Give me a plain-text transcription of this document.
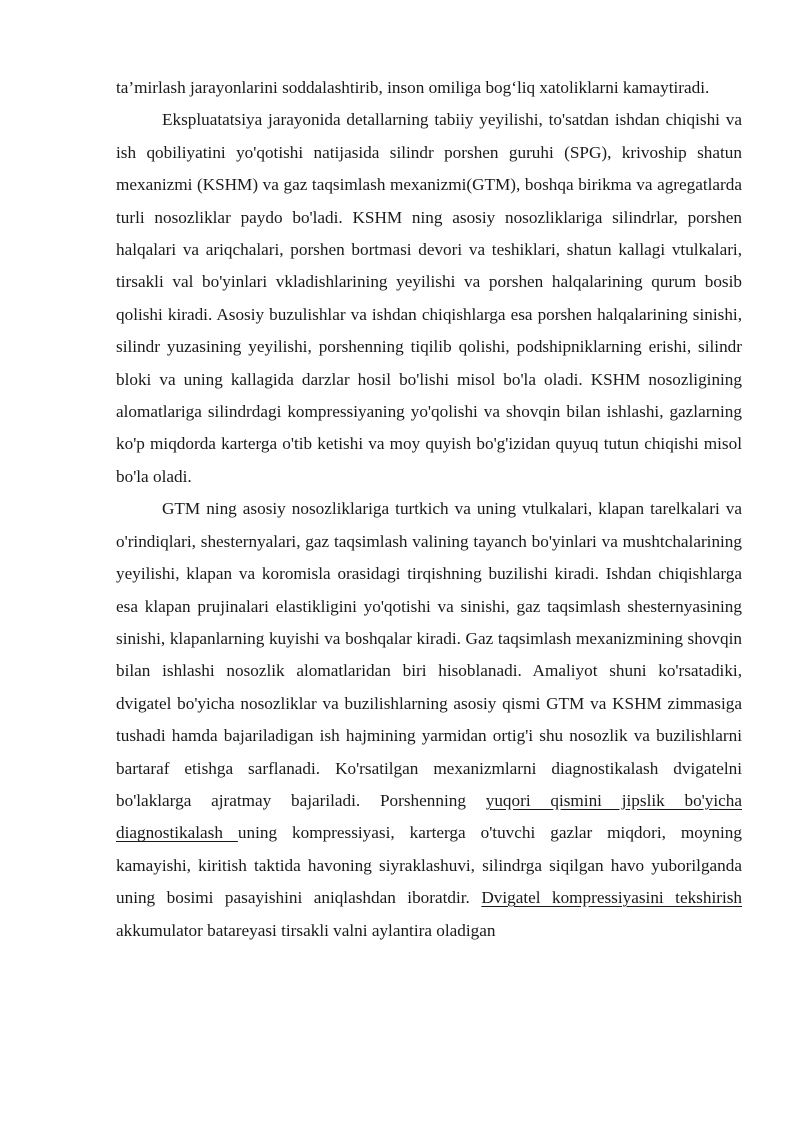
ta’mirlash jarayonlarini soddalashtirib, inson omiliga bog‘liq xatoliklarni kamaytiradi.

Ekspluatatsiya jarayonida detallarning tabiiy yeyilishi, to'satdan ishdan chiqishi va ish qobiliyatini yo'qotishi natijasida silindr porshen guruhi (SPG), krivoship shatun mexanizmi (KSHM) va gaz taqsimlash mexanizmi(GTM), boshqa birikma va agregatlarda turli nosozliklar paydo bo'ladi. KSHM ning asosiy nosozliklariga silindrlar, porshen halqalari va ariqchalari, porshen bortmasi devori va teshiklari, shatun kallagi vtulkalari, tirsakli val bo'yinlari vkladishlarining yeyilishi va porshen halqalarining qurum bosib qolishi kiradi. Asosiy buzulishlar va ishdan chiqishlarga esa porshen halqalarining sinishi, silindr yuzasining yeyilishi, porshenning tiqilib qolishi, podshipniklarning erishi, silindr bloki va uning kallagida darzlar hosil bo'lishi misol bo'la oladi. KSHM nosozligining alomatlariga silindrdagi kompressiyaning yo'qolishi va shovqin bilan ishlashi, gazlarning ko'p miqdorda karterga o'tib ketishi va moy quyish bo'g'izidan quyuq tutun chiqishi misol bo'la oladi.

GTM ning asosiy nosozliklariga turtkich va uning vtulkalari, klapan tarelkalari va o'rindiqlari, shesternyalari, gaz taqsimlash valining tayanch bo'yinlari va mushtchalarining yeyilishi, klapan va koromisla orasidagi tirqishning buzilishi kiradi. Ishdan chiqishlarga esa klapan prujinalari elastikligini yo'qotishi va sinishi, gaz taqsimlash shesternyasining sinishi, klapanlarning kuyishi va boshqalar kiradi. Gaz taqsimlash mexanizmining shovqin bilan ishlashi nosozlik alomatlaridan biri hisoblanadi. Amaliyot shuni ko'rsatadiki, dvigatel bo'yicha nosozliklar va buzilishlarning asosiy qismi GTM va KSHM zimmasiga tushadi hamda bajariladigan ish hajmining yarmidan ortig'i shu nosozlik va buzilishlarni bartaraf etishga sarflanadi. Ko'rsatilgan mexanizmlarni diagnostikalash dvigatelni bo'laklarga ajratmay bajariladi. Porshenning yuqori qismini jipslik bo'yicha diagnostikalash uning kompressiyasi, karterga o'tuvchi gazlar miqdori, moyning kamayishi, kiritish taktida havoning siyraklashuvi, silindrga siqilgan havo yuborilganda uning bosimi pasayishini aniqlashdan iboratdir. Dvigatel kompressiyasini tekshirish akkumulator batareyasi tirsakli valni aylantira oladigan
